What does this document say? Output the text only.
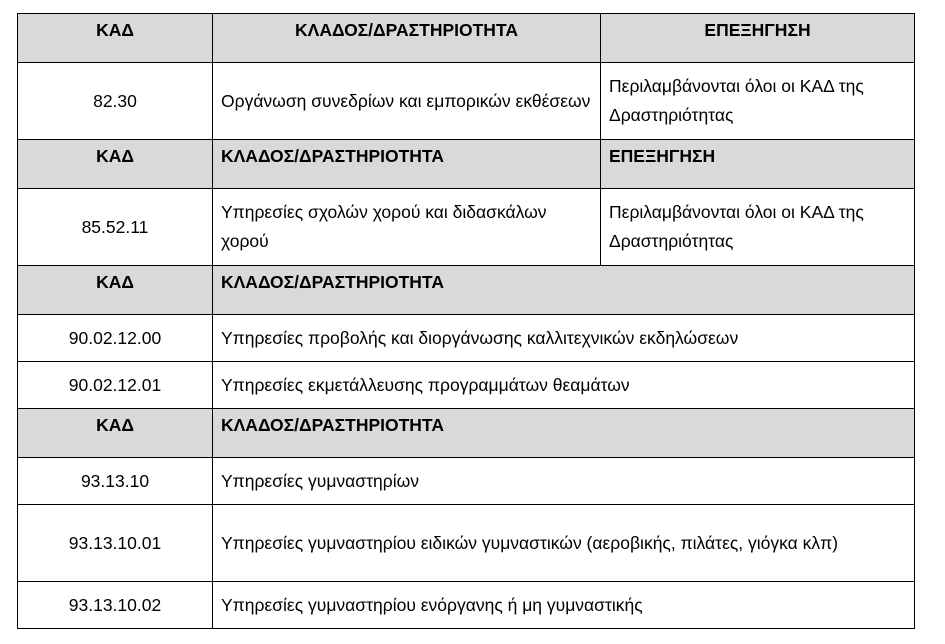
ΚΑΔ	ΚΛΑΔΟΣ/ΔΡΑΣΤΗΡΙΟΤΗΤΑ	ΕΠΕΞΗΓΗΣΗ
82.30	Οργάνωση συνεδρίων και εμπορικών εκθέσεων	Περιλαμβάνονται όλοι οι ΚΑΔ της Δραστηριότητας
ΚΑΔ	ΚΛΑΔΟΣ/ΔΡΑΣΤΗΡΙΟΤΗΤΑ	ΕΠΕΞΗΓΗΣΗ
85.52.11	Υπηρεσίες σχολών χορού και διδασκάλων χορού	Περιλαμβάνονται όλοι οι ΚΑΔ της Δραστηριότητας
ΚΑΔ	ΚΛΑΔΟΣ/ΔΡΑΣΤΗΡΙΟΤΗΤΑ	
90.02.12.00	Υπηρεσίες προβολής και διοργάνωσης καλλιτεχνικών εκδηλώσεων	
90.02.12.01	Υπηρεσίες εκμετάλλευσης προγραμμάτων θεαμάτων	
ΚΑΔ	ΚΛΑΔΟΣ/ΔΡΑΣΤΗΡΙΟΤΗΤΑ	
93.13.10	Υπηρεσίες γυμναστηρίων	
93.13.10.01	Υπηρεσίες γυμναστηρίου ειδικών γυμναστικών (αεροβικής, πιλάτες, γιόγκα κλπ)	
93.13.10.02	Υπηρεσίες γυμναστηρίου ενόργανης ή μη γυμναστικής	
